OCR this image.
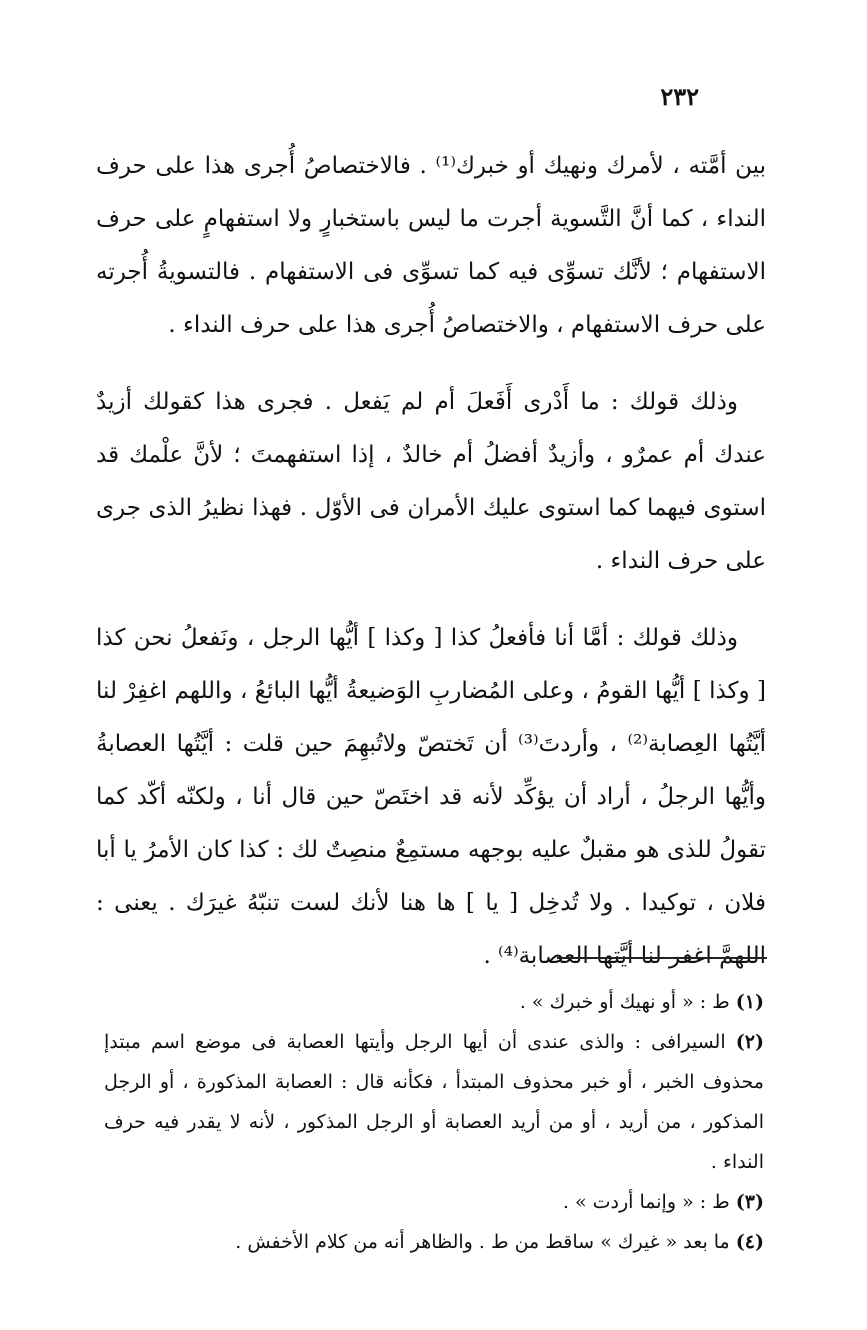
٢٣٢

بين أمَّته ، لأمرك ونهيك أو خبرك⁽¹⁾ . فالاختصاصُ أُجرى هذا على حرف النداء ، كما أنَّ التَّسوية أجرت ما ليس باستخبارٍ ولا استفهامٍ على حرف الاستفهام ؛ لأنَّك تسوِّى فيه كما تسوِّى فى الاستفهام . فالتسويةُ أُجرته على حرف الاستفهام ، والاختصاصُ أُجرى هذا على حرف النداء .

وذلك قولك : ما أَدْرى أَفَعلَ أم لم يَفعل . فجرى هذا كقولك أزيدٌ عندك أم عمرٌو ، وأزيدٌ أفضلُ أم خالدٌ ، إذا استفهمتَ ؛ لأنَّ علْمك قد استوى فيهما كما استوى عليك الأمران فى الأوّل . فهذا نظيرُ الذى جرى على حرف النداء .

وذلك قولك : أمَّا أنا فأفعلُ كذا [ وكذا ] أيُّها الرجل ، ونَفعلُ نحن كذا [ وكذا ] أيُّها القومُ ، وعلى المُضاربِ الوَضيعةُ أيُّها البائعُ ، واللهم اغفِرْ لنا أيَّتُها العِصابة⁽²⁾ ، وأردتَ⁽³⁾ أن تَختصّ ولاتُبهِمَ حين قلت : أيَّتُها العصابةُ وأيُّها الرجلُ ، أراد أن يؤكِّد لأنه قد اختَصّ حين قال أنا ، ولكنّه أكّد كما تقولُ للذى هو مقبلٌ عليه بوجهه مستمِعٌ منصِتٌ لك : كذا كان الأمرُ يا أبا فلان ، توكيدا . ولا تُدخِل [ يا ] ها هنا لأنك لست تنبّهُ غيرَك . يعنى : اللهمَّ اغفر لنا أيَّتها العصابة⁽⁴⁾ .

(١) ط : « أو نهيك أو خبرك » .

(٢) السيرافى : والذى عندى أن أيها الرجل وأيتها العصابة فى موضع اسم مبتدإ محذوف الخبر ، أو خبر محذوف المبتدأ ، فكأنه قال : العصابة المذكورة ، أو الرجل المذكور ، من أريد ، أو من أريد العصابة أو الرجل المذكور ، لأنه لا يقدر فيه حرف النداء .

(٣) ط : « وإنما أردت » .

(٤) ما بعد « غيرك » ساقط من ط . والظاهر أنه من كلام الأخفش .
